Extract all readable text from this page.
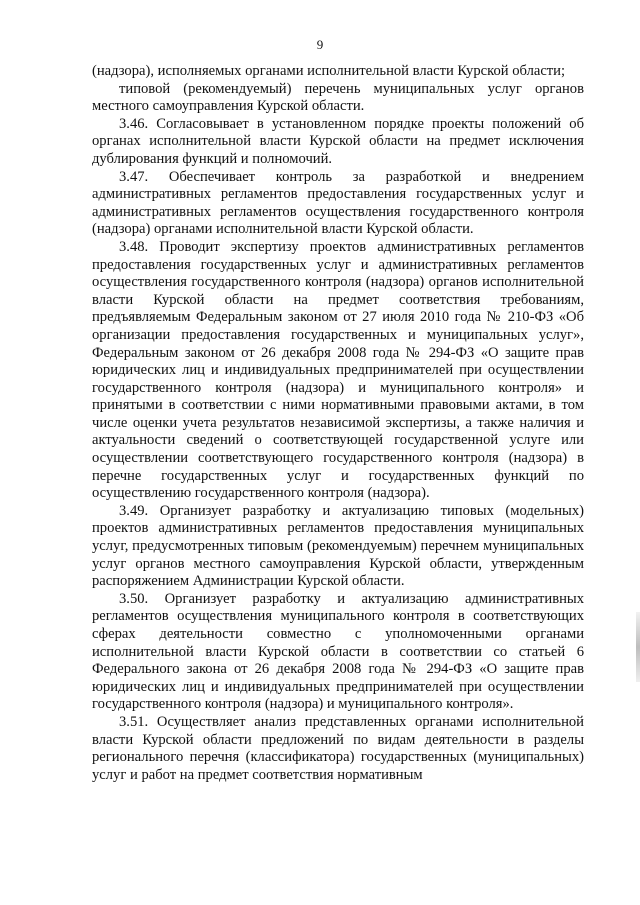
9

(надзора), исполняемых органами исполнительной власти Курской области;

типовой (рекомендуемый) перечень муниципальных услуг органов местного самоуправления Курской области.

3.46. Согласовывает в установленном порядке проекты положений об органах исполнительной власти Курской области на предмет исключения дублирования функций и полномочий.

3.47. Обеспечивает контроль за разработкой и внедрением административных регламентов предоставления государственных услуг и административных регламентов осуществления государственного контроля (надзора) органами исполнительной власти Курской области.

3.48. Проводит экспертизу проектов административных регламентов предоставления государственных услуг и административных регламентов осуществления государственного контроля (надзора) органов исполнительной власти Курской области на предмет соответствия требованиям, предъявляемым Федеральным законом от 27 июля 2010 года № 210-ФЗ «Об организации предоставления государственных и муниципальных услуг», Федеральным законом от 26 декабря 2008 года № 294-ФЗ «О защите прав юридических лиц и индивидуальных предпринимателей при осуществлении государственного контроля (надзора) и муниципального контроля» и принятыми в соответствии с ними нормативными правовыми актами, в том числе оценки учета результатов независимой экспертизы, а также наличия и актуальности сведений о соответствующей государственной услуге или осуществлении соответствующего государственного контроля (надзора) в перечне государственных услуг и государственных функций по осуществлению государственного контроля (надзора).

3.49. Организует разработку и актуализацию типовых (модельных) проектов административных регламентов предоставления муниципальных услуг, предусмотренных типовым (рекомендуемым) перечнем муниципальных услуг органов местного самоуправления Курской области, утвержденным распоряжением Администрации Курской области.

3.50. Организует разработку и актуализацию административных регламентов осуществления муниципального контроля в соответствующих сферах деятельности совместно с уполномоченными органами исполнительной власти Курской области в соответствии со статьей 6 Федерального закона от 26 декабря 2008 года № 294-ФЗ «О защите прав юридических лиц и индивидуальных предпринимателей при осуществлении государственного контроля (надзора) и муниципального контроля».

3.51. Осуществляет анализ представленных органами исполнительной власти Курской области предложений по видам деятельности в разделы регионального перечня (классификатора) государственных (муниципальных) услуг и работ на предмет соответствия нормативным
